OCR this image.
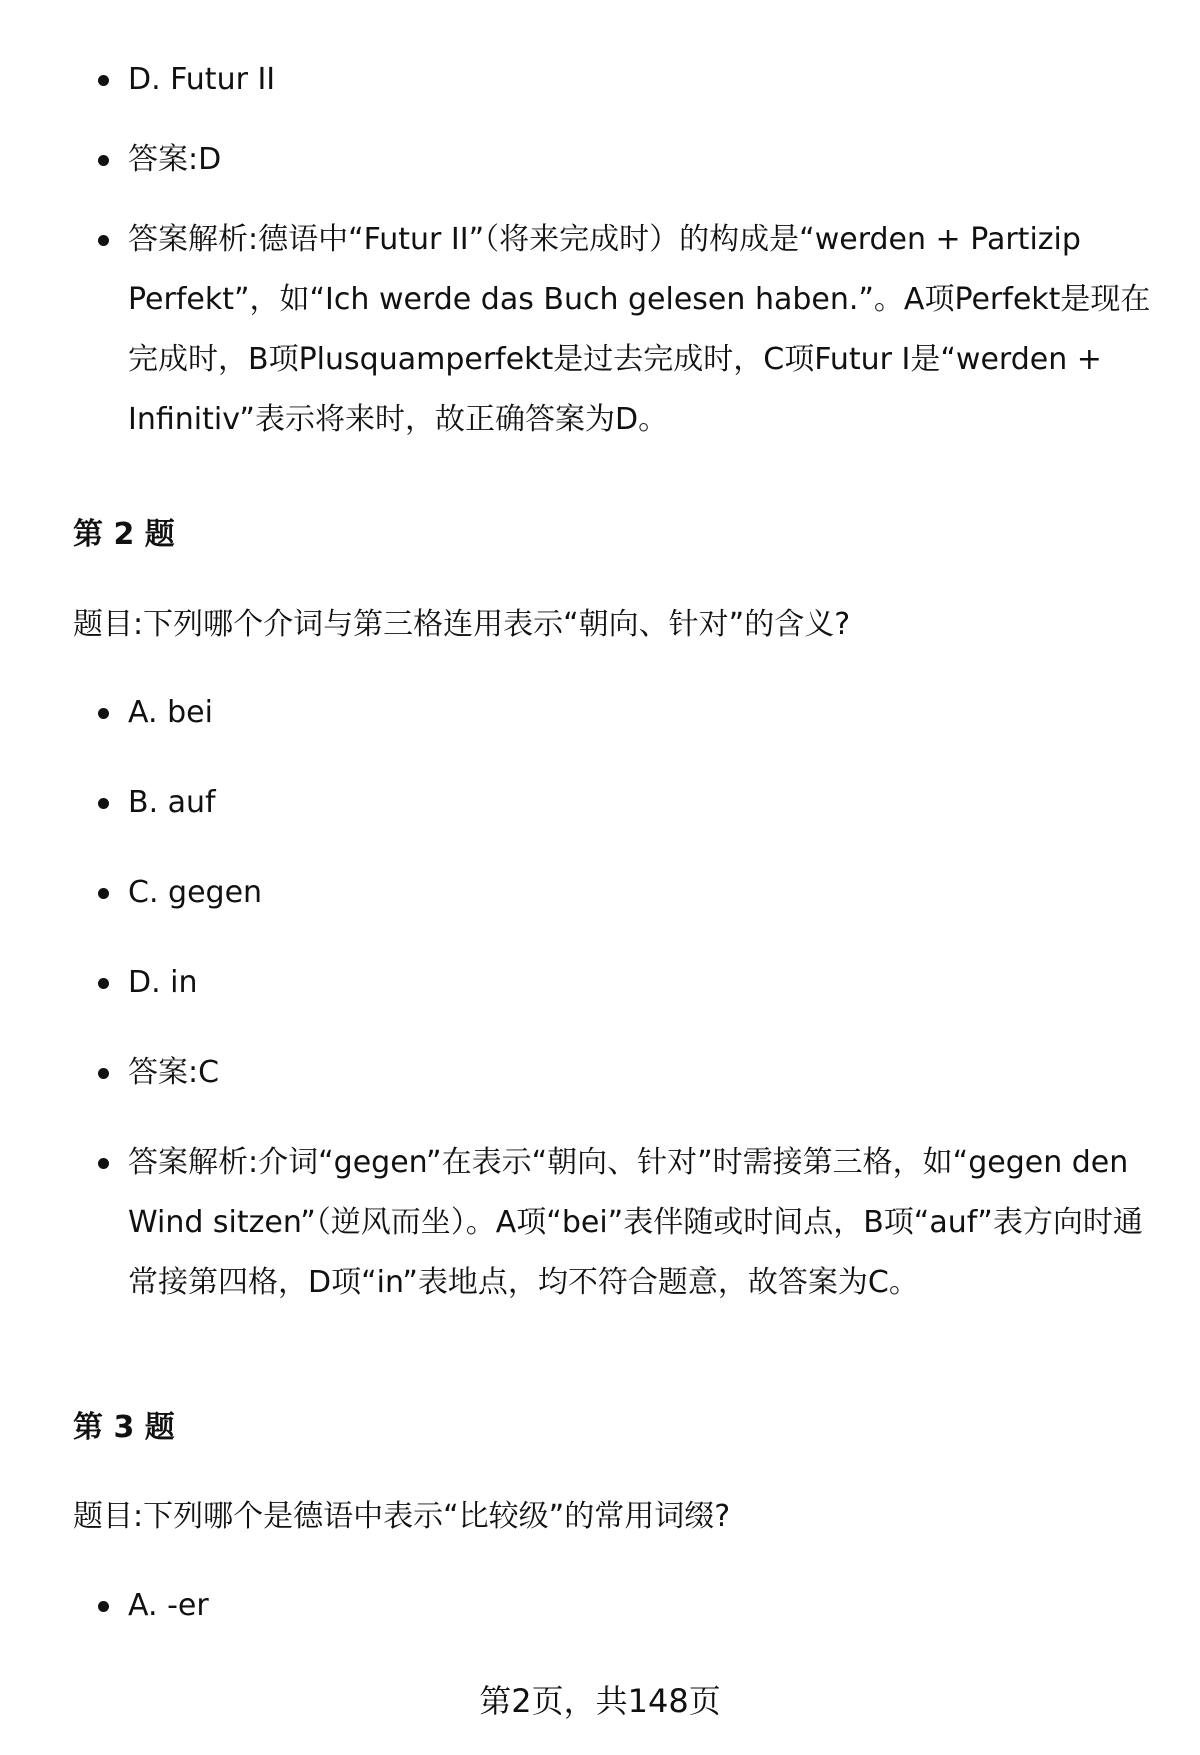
D. Futur II
答案:D
答案解析:德语中“Futur II”（将来完成时）的构成是“werden + Partizip Perfekt”，如“Ich werde das Buch gelesen haben.”。A项Perfekt是现在完成时，B项Plusquamperfekt是过去完成时，C项Futur I是“werden + Infinitiv”表示将来时，故正确答案为D。
第 2 题

题目:下列哪个介词与第三格连用表示“朝向、针对”的含义?

A. bei
B. auf
C. gegen
D. in
答案:C
答案解析:介词“gegen”在表示“朝向、针对”时需接第三格，如“gegen den Wind sitzen”（逆风而坐）。A项“bei”表伴随或时间点，B项“auf”表方向时通常接第四格，D项“in”表地点，均不符合题意，故答案为C。
第 3 题

题目:下列哪个是德语中表示“比较级”的常用词缀?

A. -er
第2页，共148页
